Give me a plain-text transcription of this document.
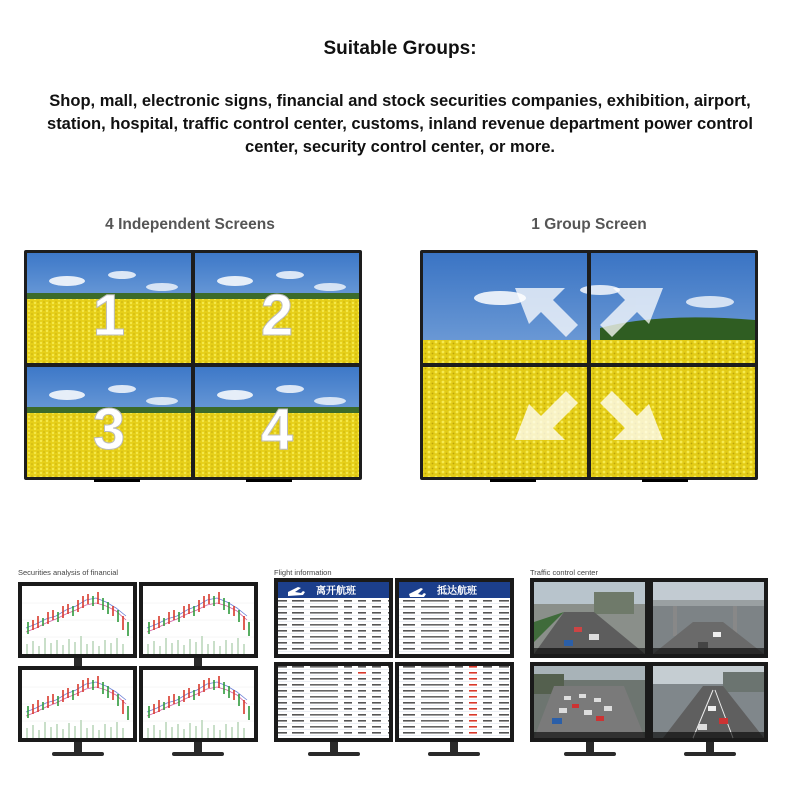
Suitable Groups:
Shop, mall, electronic signs, financial and stock securities companies, exhibition, airport, station, hospital, traffic control center, customs, inland revenue department power control center, security control center, or more.
4 Independent Screens
1 2
3 4
1 Group Screen
Securities analysis of financial	Flight information
离开航班	抵达航班
Traffic control center
